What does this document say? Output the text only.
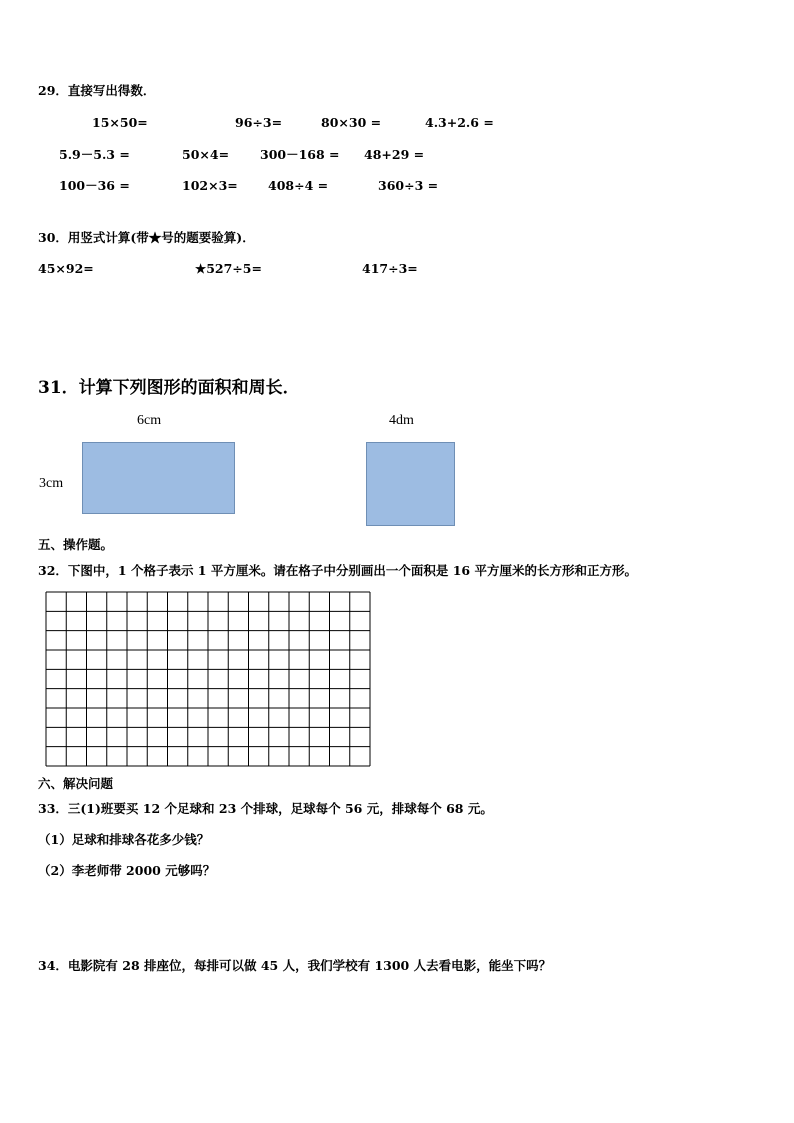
29．直接写出得数．
15×50=	96÷3=	80×30 =	4.3+2.6 =
5.9－5.3 =	50×4= 300－168 = 48+29 =
100－36 =	102×3= 408÷4 =	360÷3 =
30．用竖式计算(带★号的题要验算)．
45×92=	★527÷5=	417÷3=
31．计算下列图形的面积和周长．
6cm
3cm
4dm
五、操作题。
32．下图中，1 个格子表示 1 平方厘米。请在格子中分别画出一个面积是 16 平方厘米的长方形和正方形。
六、解决问题
33．三(1)班要买 12 个足球和 23 个排球，足球每个 56 元，排球每个 68 元。
（1）足球和排球各花多少钱？
（2）李老师带 2000 元够吗？
34．电影院有 28 排座位，每排可以做 45 人，我们学校有 1300 人去看电影，能坐下吗？
